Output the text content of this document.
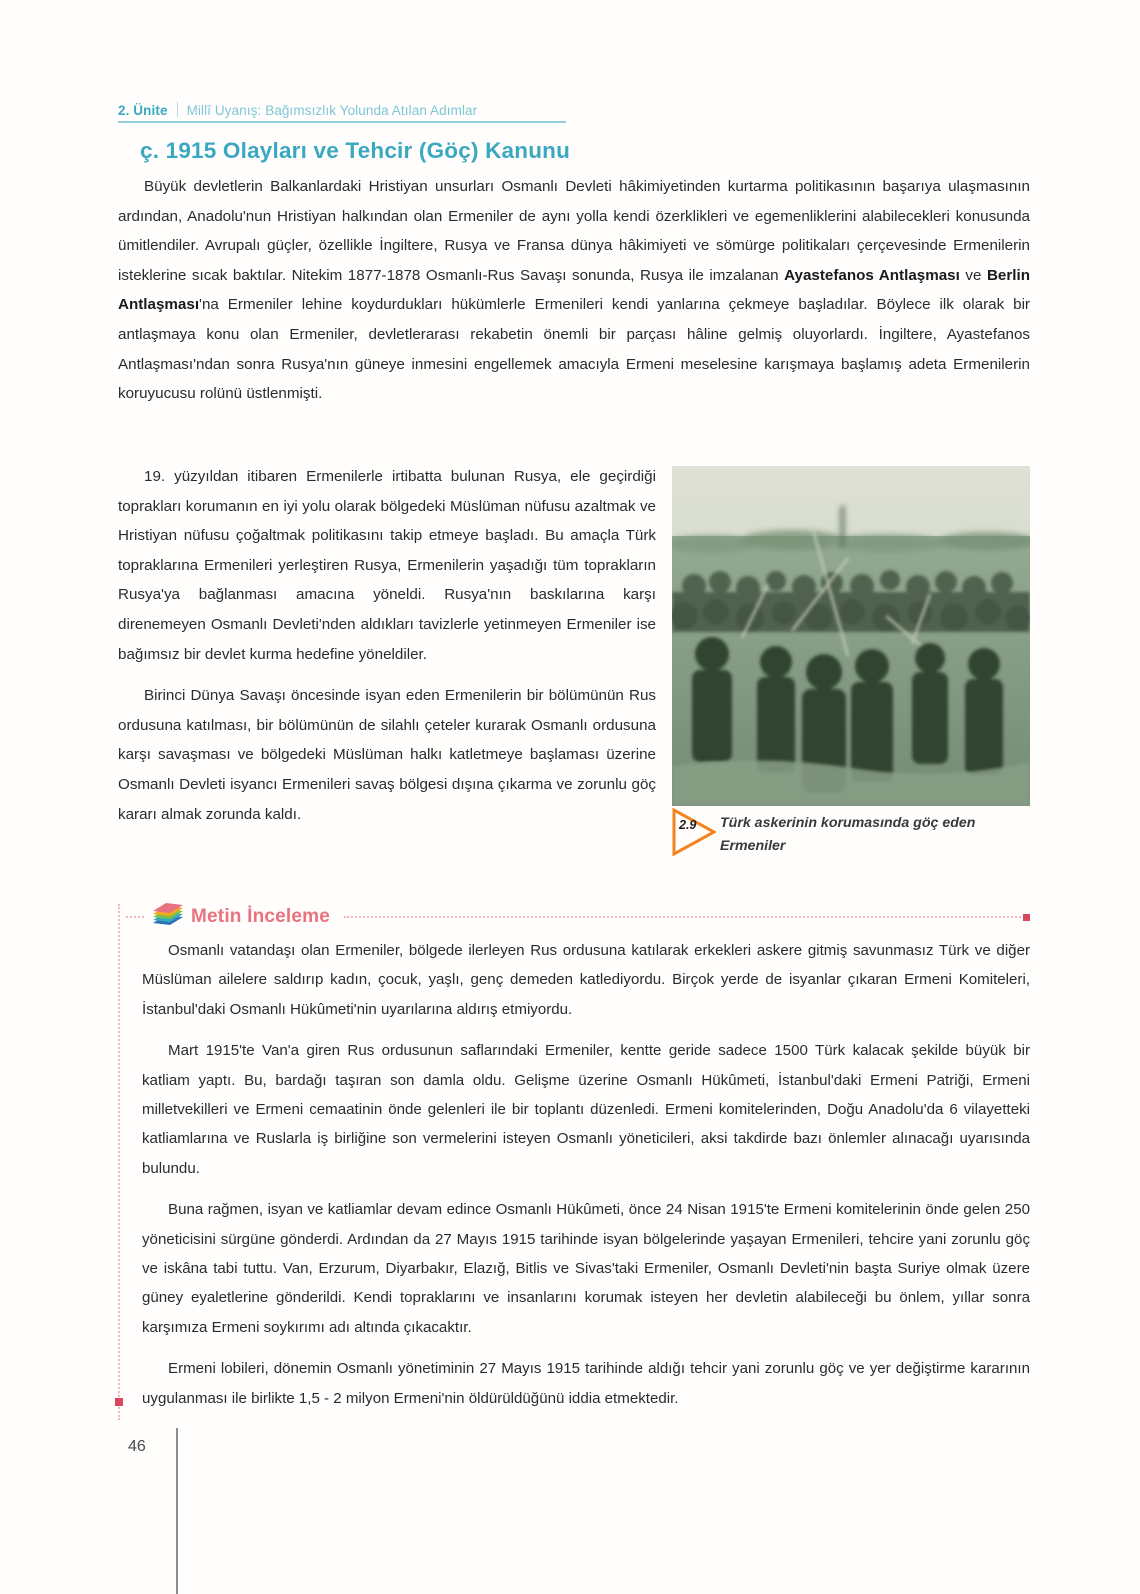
2. Ünite	Millî Uyanış: Bağımsızlık Yolunda Atılan Adımlar
ç. 1915 Olayları ve Tehcir (Göç) Kanunu

Büyük devletlerin Balkanlardaki Hristiyan unsurları Osmanlı Devleti hâkimiyetinden kurtarma politikasının başarıya ulaşmasının ardından, Anadolu'nun Hristiyan halkından olan Ermeniler de aynı yolla kendi özerklikleri ve egemenliklerini alabilecekleri konusunda ümitlendiler. Avrupalı güçler, özellikle İngiltere, Rusya ve Fransa dünya hâkimiyeti ve sömürge politikaları çerçevesinde Ermenilerin isteklerine sıcak baktılar. Nitekim 1877-1878 Osmanlı-Rus Savaşı sonunda, Rusya ile imzalanan Ayastefanos Antlaşması ve Berlin Antlaşması'na Ermeniler lehine koydurdukları hükümlerle Ermenileri kendi yanlarına çekmeye başladılar. Böylece ilk olarak bir antlaşmaya konu olan Ermeniler, devletlerarası rekabetin önemli bir parçası hâline gelmiş oluyorlardı. İngiltere, Ayastefanos Antlaşması'ndan sonra Rusya'nın güneye inmesini engellemek amacıyla Ermeni meselesine karışmaya başlamış adeta Ermenilerin koruyucusu rolünü üstlenmişti.

19. yüzyıldan itibaren Ermenilerle irtibatta bulunan Rusya, ele geçirdiği toprakları korumanın en iyi yolu olarak bölgedeki Müslüman nüfusu azaltmak ve Hristiyan nüfusu çoğaltmak politikasını takip etmeye başladı. Bu amaçla Türk topraklarına Ermenileri yerleştiren Rusya, Ermenilerin yaşadığı tüm toprakların Rusya'ya bağlanması amacına yöneldi. Rusya'nın baskılarına karşı direnemeyen Osmanlı Devleti'nden aldıkları tavizlerle yetinmeyen Ermeniler ise bağımsız bir devlet kurma hedefine yöneldiler.

Birinci Dünya Savaşı öncesinde isyan eden Ermenilerin bir bölümünün Rus ordusuna katılması, bir bölümünün de silahlı çeteler kurarak Osmanlı ordusuna karşı savaşması ve bölgedeki Müslüman halkı katletmeye başlaması üzerine Osmanlı Devleti isyancı Ermenileri savaş bölgesi dışına çıkarma ve zorunlu göç kararı almak zorunda kaldı.

2.9 Türk askerinin korumasında göç eden Ermeniler
Metin İnceleme

Osmanlı vatandaşı olan Ermeniler, bölgede ilerleyen Rus ordusuna katılarak erkekleri askere gitmiş savunmasız Türk ve diğer Müslüman ailelere saldırıp kadın, çocuk, yaşlı, genç demeden katlediyordu. Birçok yerde de isyanlar çıkaran Ermeni Komiteleri, İstanbul'daki Osmanlı Hükûmeti'nin uyarılarına aldırış etmiyordu.

Mart 1915'te Van'a giren Rus ordusunun saflarındaki Ermeniler, kentte geride sadece 1500 Türk kalacak şekilde büyük bir katliam yaptı. Bu, bardağı taşıran son damla oldu. Gelişme üzerine Osmanlı Hükûmeti, İstanbul'daki Ermeni Patriği, Ermeni milletvekilleri ve Ermeni cemaatinin önde gelenleri ile bir toplantı düzenledi. Ermeni komitelerinden, Doğu Anadolu'da 6 vilayetteki katliamlarına ve Ruslarla iş birliğine son vermelerini isteyen Osmanlı yöneticileri, aksi takdirde bazı önlemler alınacağı uyarısında bulundu.

Buna rağmen, isyan ve katliamlar devam edince Osmanlı Hükûmeti, önce 24 Nisan 1915'te Ermeni komitelerinin önde gelen 250 yöneticisini sürgüne gönderdi. Ardından da 27 Mayıs 1915 tarihinde isyan bölgelerinde yaşayan Ermenileri, tehcire yani zorunlu göç ve iskâna tabi tuttu. Van, Erzurum, Diyarbakır, Elazığ, Bitlis ve Sivas'taki Ermeniler, Osmanlı Devleti'nin başta Suriye olmak üzere güney eyaletlerine gönderildi. Kendi topraklarını ve insanlarını korumak isteyen her devletin alabileceği bu önlem, yıllar sonra karşımıza Ermeni soykırımı adı altında çıkacaktır.

Ermeni lobileri, dönemin Osmanlı yönetiminin 27 Mayıs 1915 tarihinde aldığı tehcir yani zorunlu göç ve yer değiştirme kararının uygulanması ile birlikte 1,5 - 2 milyon Ermeni'nin öldürüldüğünü iddia etmektedir.

46
